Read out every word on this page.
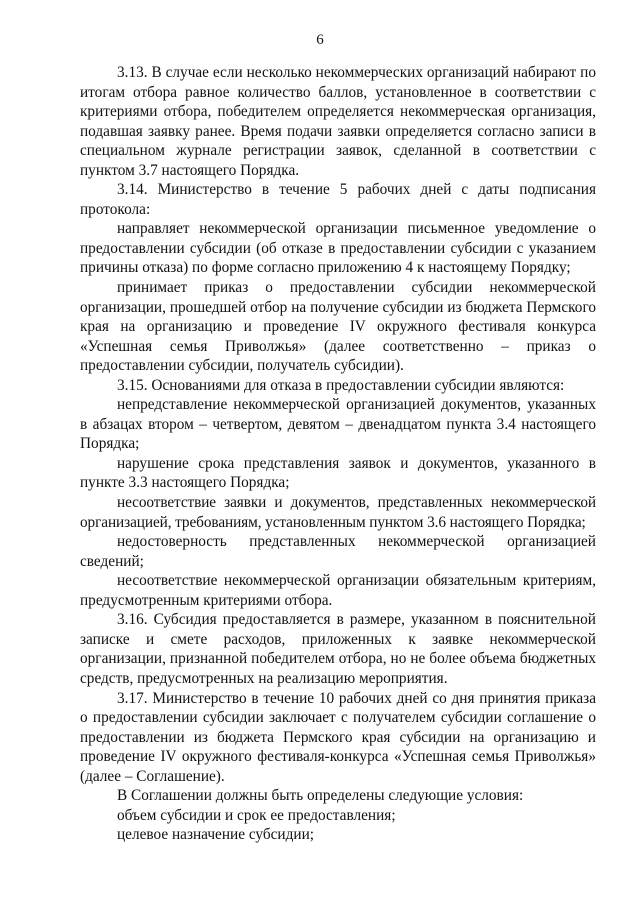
6

3.13. В случае если несколько некоммерческих организаций набирают по итогам отбора равное количество баллов, установленное в соответствии с критериями отбора, победителем определяется некоммерческая организация, подавшая заявку ранее. Время подачи заявки определяется согласно записи в специальном журнале регистрации заявок, сделанной в соответствии с пунктом 3.7 настоящего Порядка.

3.14. Министерство в течение 5 рабочих дней с даты подписания протокола:

направляет некоммерческой организации письменное уведомление о предоставлении субсидии (об отказе в предоставлении субсидии с указанием причины отказа) по форме согласно приложению 4 к настоящему Порядку;

принимает приказ о предоставлении субсидии некоммерческой организации, прошедшей отбор на получение субсидии из бюджета Пермского края на организацию и проведение IV окружного фестиваля конкурса «Успешная семья Приволжья» (далее соответственно – приказ о предоставлении субсидии, получатель субсидии).

3.15. Основаниями для отказа в предоставлении субсидии являются:

непредставление некоммерческой организацией документов, указанных в абзацах втором – четвертом, девятом – двенадцатом пункта 3.4 настоящего Порядка;

нарушение срока представления заявок и документов, указанного в пункте 3.3 настоящего Порядка;

несоответствие заявки и документов, представленных некоммерческой организацией, требованиям, установленным пунктом 3.6 настоящего Порядка;

недостоверность представленных некоммерческой организацией сведений;

несоответствие некоммерческой организации обязательным критериям, предусмотренным критериями отбора.

3.16. Субсидия предоставляется в размере, указанном в пояснительной записке и смете расходов, приложенных к заявке некоммерческой организации, признанной победителем отбора, но не более объема бюджетных средств, предусмотренных на реализацию мероприятия.

3.17. Министерство в течение 10 рабочих дней со дня принятия приказа о предоставлении субсидии заключает с получателем субсидии соглашение о предоставлении из бюджета Пермского края субсидии на организацию и проведение IV окружного фестиваля-конкурса «Успешная семья Приволжья» (далее – Соглашение).

В Соглашении должны быть определены следующие условия:

объем субсидии и срок ее предоставления;

целевое назначение субсидии;
